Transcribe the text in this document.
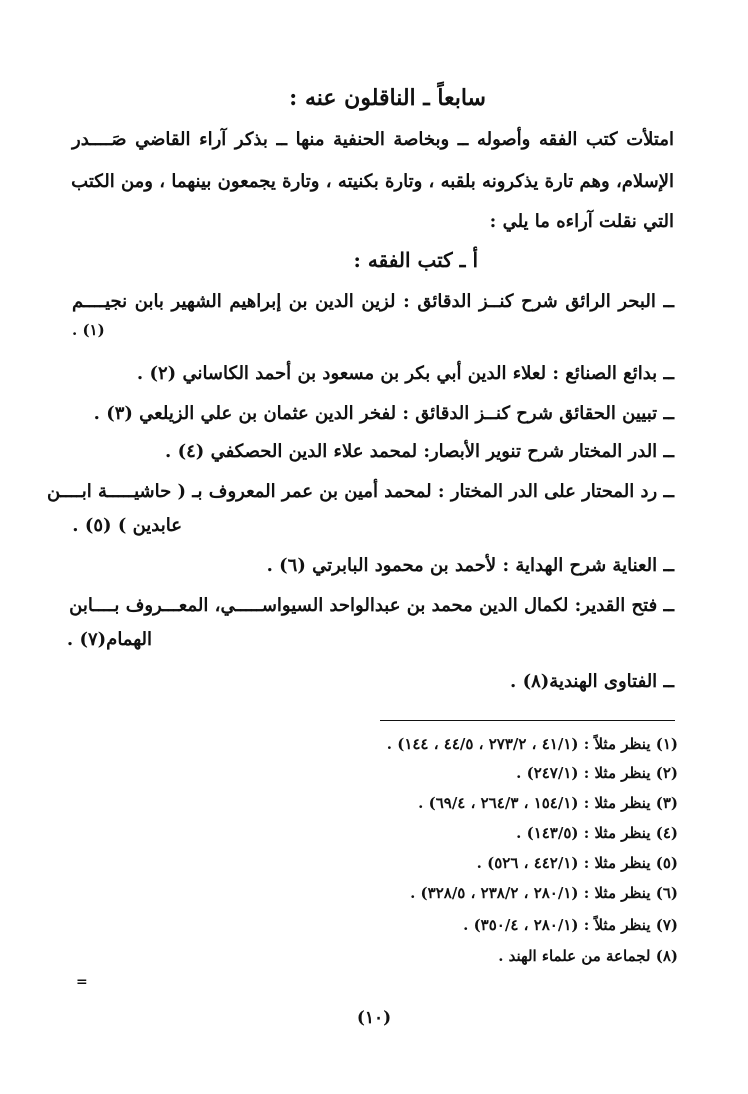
سابعاً ـ الناقلون عنه :
امتلأت كتب الفقه وأصوله ــ وبخاصة الحنفية منها ــ بذكر آراء القاضي صَــــدر
الإسلام، وهم تارة يذكرونه بلقبه ، وتارة بكنيته ، وتارة يجمعون بينهما ، ومن الكتب
التي نقلت آراءه ما يلي :
أ ـ كتب الفقه :
ــ البحر الرائق شرح كنــز الدقائق : لزين الدين بن إبراهيم الشهير بابن نجيــــم
. (١)
ــ بدائع الصنائع : لعلاء الدين أبي بكر بن مسعود بن أحمد الكاساني (٢) .
ــ تبيين الحقائق شرح كنــز الدقائق : لفخر الدين عثمان بن علي الزيلعي (٣) .
ــ الدر المختار شرح تنوير الأبصار: لمحمد علاء الدين الحصكفي (٤) .
ــ رد المحتار على الدر المختار : لمحمد أمين بن عمر المعروف بـ ( حاشيـــــة ابــــن
عابدين ) (٥) .
ــ العناية شرح الهداية : لأحمد بن محمود البابرتي (٦) .
ــ فتح القدير: لكمال الدين محمد بن عبدالواحد السيواســـــي، المعـــروف بــــابن
الهمام(٧) .
ــ الفتاوى الهندية(٨) .
(١) ينظر مثلاً : (٤١/١ ، ٢٧٣/٢ ، ٤٤/٥ ، ١٤٤) .
(٢) ينظر مثلا : (٢٤٧/١) .
(٣) ينظر مثلا : (١٥٤/١ ، ٢٦٤/٣ ، ٦٩/٤) .
(٤) ينظر مثلا : (١٤٣/٥) .
(٥) ينظر مثلا : (٤٤٢/١ ، ٥٢٦) .
(٦) ينظر مثلا : (٢٨٠/١ ، ٢٣٨/٢ ، ٣٢٨/٥) .
(٧) ينظر مثلاً : (٢٨٠/١ ، ٣٥٠/٤) .
(٨) لجماعة من علماء الهند .
=
(١٠)
